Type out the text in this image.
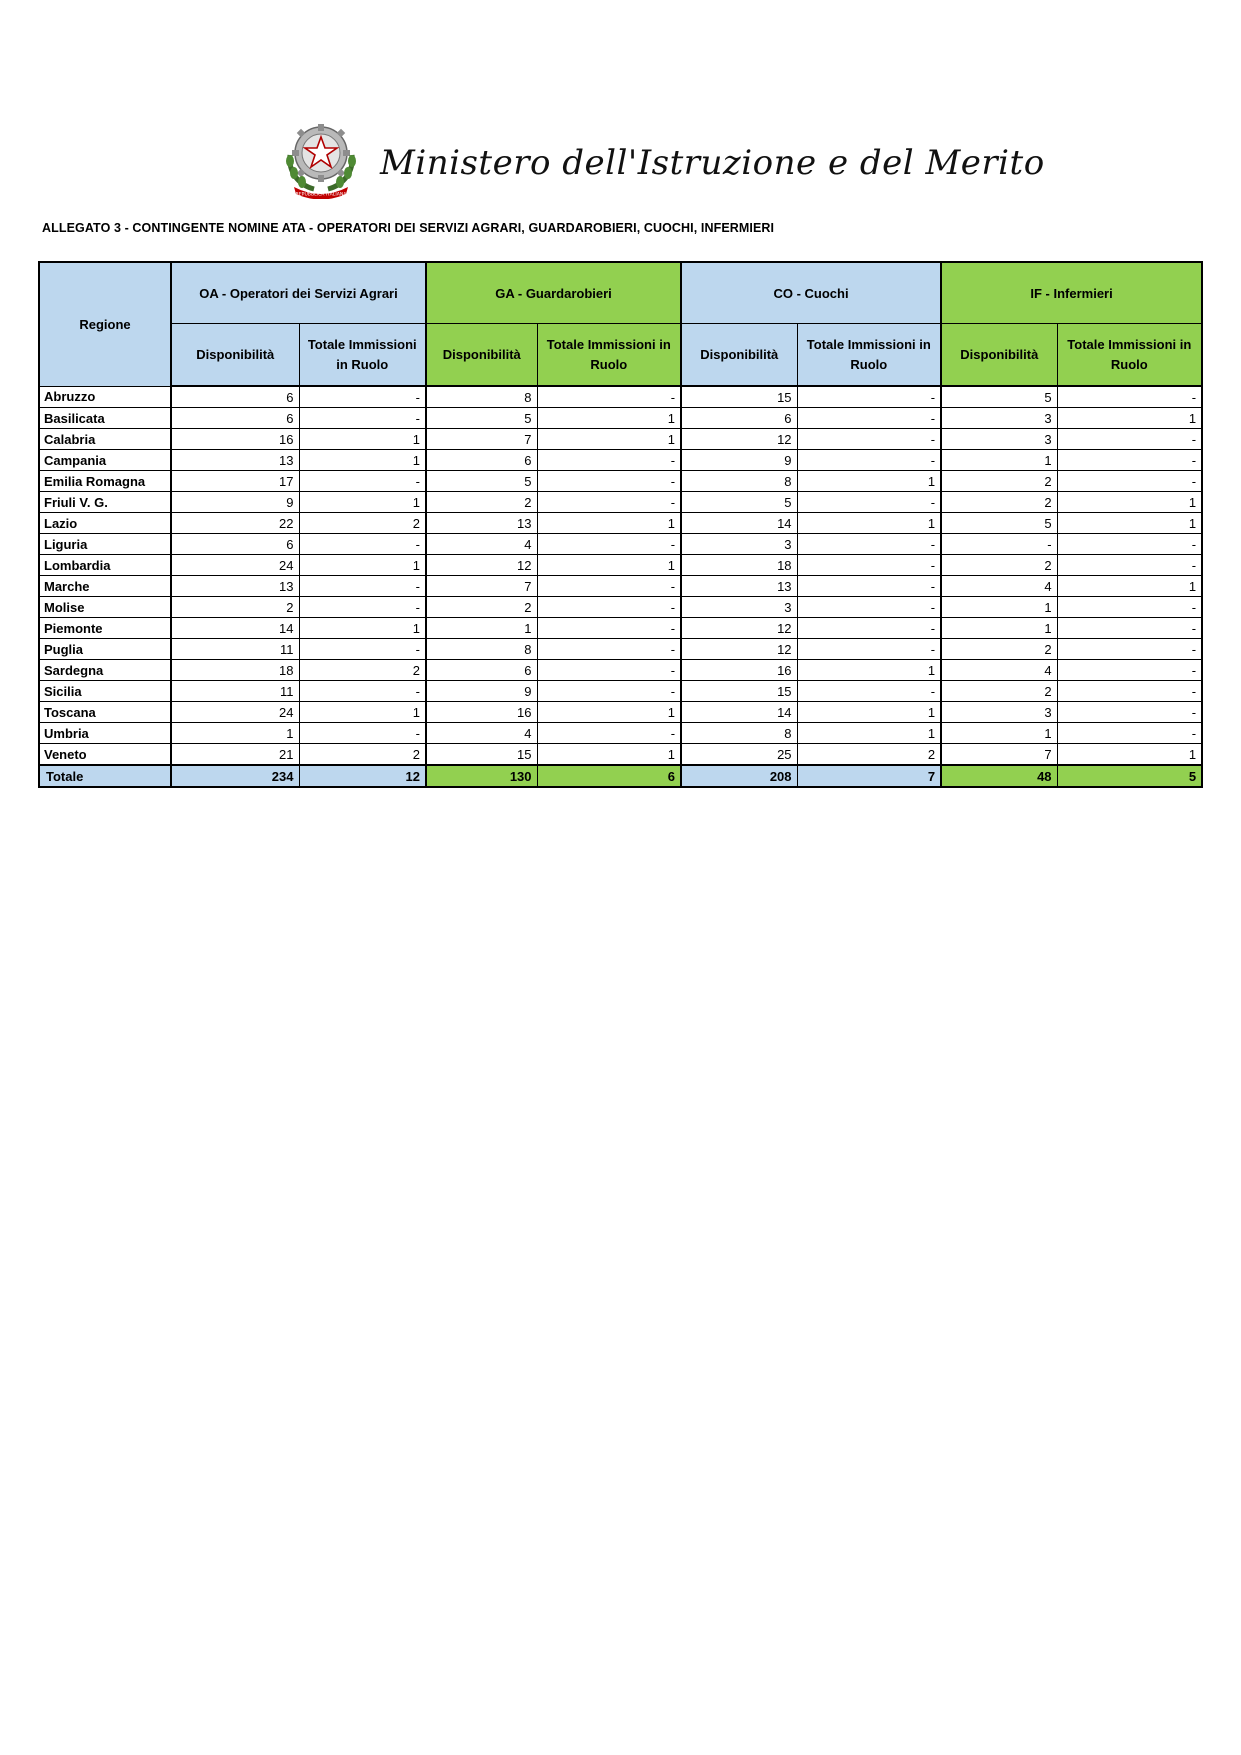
REPUBBLICA ITALIANA
Ministero dell'Istruzione e del Merito
ALLEGATO 3 - CONTINGENTE NOMINE ATA - OPERATORI DEI SERVIZI AGRARI, GUARDAROBIERI, CUOCHI, INFERMIERI
Regione	OA - Operatori dei Servizi Agrari		GA - Guardarobieri		CO - Cuochi		IF - Infermieri	
	Disponibilità	Totale Immissioni in Ruolo	Disponibilità	Totale Immissioni in Ruolo	Disponibilità	Totale Immissioni in Ruolo	Disponibilità	Totale Immissioni in Ruolo
Abruzzo	6	-	8	-	15	-	5	-
Basilicata	6	-	5	1	6	-	3	1
Calabria	16	1	7	1	12	-	3	-
Campania	13	1	6	-	9	-	1	-
Emilia Romagna	17	-	5	-	8	1	2	-
Friuli V. G.	9	1	2	-	5	-	2	1
Lazio	22	2	13	1	14	1	5	1
Liguria	6	-	4	-	3	-	-	-
Lombardia	24	1	12	1	18	-	2	-
Marche	13	-	7	-	13	-	4	1
Molise	2	-	2	-	3	-	1	-
Piemonte	14	1	1	-	12	-	1	-
Puglia	11	-	8	-	12	-	2	-
Sardegna	18	2	6	-	16	1	4	-
Sicilia	11	-	9	-	15	-	2	-
Toscana	24	1	16	1	14	1	3	-
Umbria	1	-	4	-	8	1	1	-
Veneto	21	2	15	1	25	2	7	1
Totale	234	12	130	6	208	7	48	5
